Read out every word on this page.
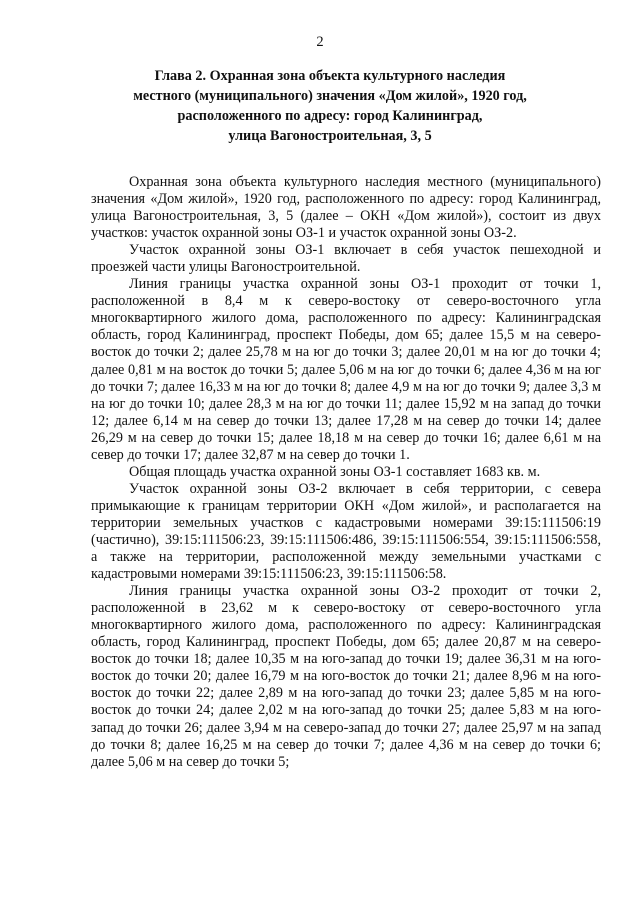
2
Глава 2. Охранная зона объекта культурного наследия
местного (муниципального) значения «Дом жилой», 1920 год,
расположенного по адресу: город Калининград,
улица Вагоностроительная, 3, 5

Охранная зона объекта культурного наследия местного (муниципального) значения «Дом жилой», 1920 год, расположенного по адресу: город Калининград, улица Вагоностроительная, 3, 5 (далее – ОКН «Дом жилой»), состоит из двух участков: участок охранной зоны ОЗ-1 и участок охранной зоны ОЗ-2.

Участок охранной зоны ОЗ-1 включает в себя участок пешеходной и проезжей части улицы Вагоностроительной.

Линия границы участка охранной зоны ОЗ-1 проходит от точки 1, расположенной в 8,4 м к северо-востоку от северо-восточного угла многоквартирного жилого дома, расположенного по адресу: Калининградская область, город Калининград, проспект Победы, дом 65; далее 15,5 м на северо-восток до точки 2; далее 25,78 м на юг до точки 3; далее 20,01 м на юг до точки 4; далее 0,81 м на восток до точки 5; далее 5,06 м на юг до точки 6; далее 4,36 м на юг до точки 7; далее 16,33 м на юг до точки 8; далее 4,9 м на юг до точки 9; далее 3,3 м на юг до точки 10; далее 28,3 м на юг до точки 11; далее 15,92 м на запад до точки 12; далее 6,14 м на север до точки 13; далее 17,28 м на север до точки 14; далее 26,29 м на север до точки 15; далее 18,18 м на север до точки 16; далее 6,61 м на север до точки 17; далее 32,87 м на север до точки 1.

Общая площадь участка охранной зоны ОЗ-1 составляет 1683 кв. м.

Участок охранной зоны ОЗ-2 включает в себя территории, с севера примыкающие к границам территории ОКН «Дом жилой», и располагается на территории земельных участков с кадастровыми номерами 39:15:111506:19 (частично), 39:15:111506:23, 39:15:111506:486, 39:15:111506:554, 39:15:111506:558, а также на территории, расположенной между земельными участками с кадастровыми номерами 39:15:111506:23, 39:15:111506:58.

Линия границы участка охранной зоны ОЗ-2 проходит от точки 2, расположенной в 23,62 м к северо-востоку от северо-восточного угла многоквартирного жилого дома, расположенного по адресу: Калининградская область, город Калининград, проспект Победы, дом 65; далее 20,87 м на северо-восток до точки 18; далее 10,35 м на юго-запад до точки 19; далее 36,31 м на юго-восток до точки 20; далее 16,79 м на юго-восток до точки 21; далее 8,96 м на юго-восток до точки 22; далее 2,89 м на юго-запад до точки 23; далее 5,85 м на юго-восток до точки 24; далее 2,02 м на юго-запад до точки 25; далее 5,83 м на юго-запад до точки 26; далее 3,94 м на северо-запад до точки 27; далее 25,97 м на запад до точки 8; далее 16,25 м на север до точки 7; далее 4,36 м на север до точки 6; далее 5,06 м на север до точки 5;
